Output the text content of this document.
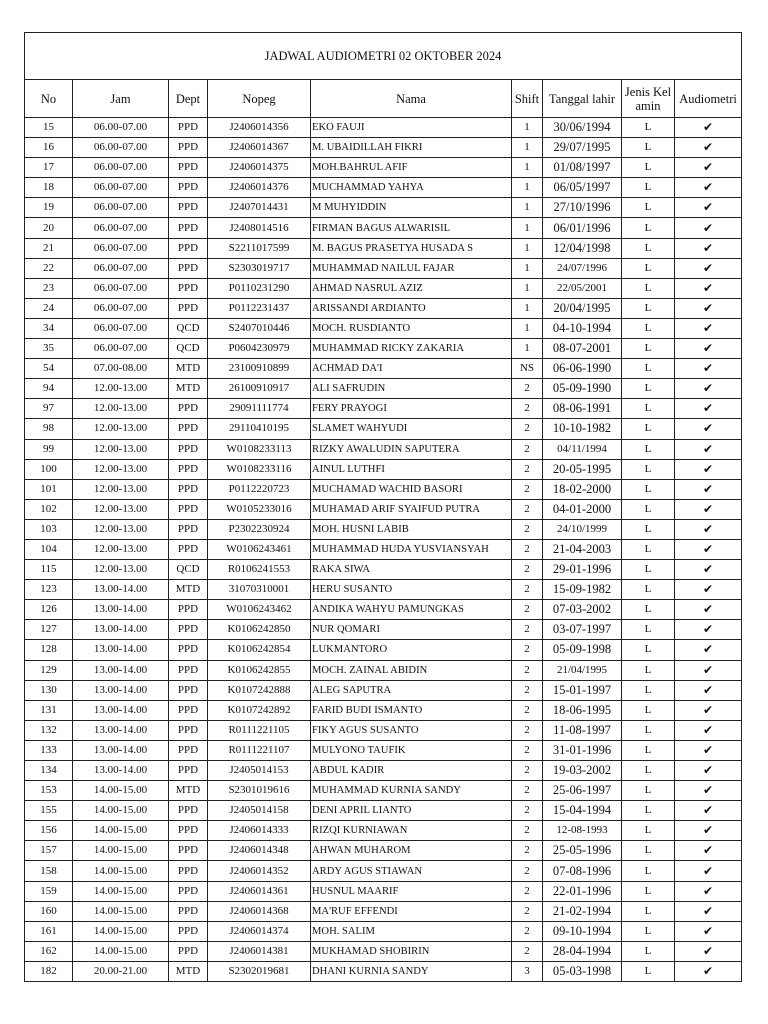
JADWAL AUDIOMETRI 02 OKTOBER 2024								
No	Jam	Dept	Nopeg	Nama	Shift	Tanggal lahir	Jenis Kelamin	Audiometri
15	06.00-07.00	PPD	J2406014356	EKO FAUJI	1	30/06/1994	L	✔
16	06.00-07.00	PPD	J2406014367	M. UBAIDILLAH FIKRI	1	29/07/1995	L	✔
17	06.00-07.00	PPD	J2406014375	MOH.BAHRUL AFIF	1	01/08/1997	L	✔
18	06.00-07.00	PPD	J2406014376	MUCHAMMAD YAHYA	1	06/05/1997	L	✔
19	06.00-07.00	PPD	J2407014431	M MUHYIDDIN	1	27/10/1996	L	✔
20	06.00-07.00	PPD	J2408014516	FIRMAN BAGUS ALWARISIL	1	06/01/1996	L	✔
21	06.00-07.00	PPD	S2211017599	M. BAGUS PRASETYA HUSADA S	1	12/04/1998	L	✔
22	06.00-07.00	PPD	S2303019717	MUHAMMAD NAILUL FAJAR	1	24/07/1996	L	✔
23	06.00-07.00	PPD	P0110231290	AHMAD NASRUL AZIZ	1	22/05/2001	L	✔
24	06.00-07.00	PPD	P0112231437	ARISSANDI ARDIANTO	1	20/04/1995	L	✔
34	06.00-07.00	QCD	S2407010446	MOCH. RUSDIANTO	1	04-10-1994	L	✔
35	06.00-07.00	QCD	P0604230979	MUHAMMAD RICKY ZAKARIA	1	08-07-2001	L	✔
54	07.00-08.00	MTD	23100910899	ACHMAD DA'I	NS	06-06-1990	L	✔
94	12.00-13.00	MTD	26100910917	ALI SAFRUDIN	2	05-09-1990	L	✔
97	12.00-13.00	PPD	29091111774	FERY PRAYOGI	2	08-06-1991	L	✔
98	12.00-13.00	PPD	29110410195	SLAMET WAHYUDI	2	10-10-1982	L	✔
99	12.00-13.00	PPD	W0108233113	RIZKY AWALUDIN SAPUTERA	2	04/11/1994	L	✔
100	12.00-13.00	PPD	W0108233116	AINUL LUTHFI	2	20-05-1995	L	✔
101	12.00-13.00	PPD	P0112220723	MUCHAMAD WACHID BASORI	2	18-02-2000	L	✔
102	12.00-13.00	PPD	W0105233016	MUHAMAD ARIF SYAIFUD PUTRA	2	04-01-2000	L	✔
103	12.00-13.00	PPD	P2302230924	MOH. HUSNI LABIB	2	24/10/1999	L	✔
104	12.00-13.00	PPD	W0106243461	MUHAMMAD HUDA YUSVIANSYAH	2	21-04-2003	L	✔
115	12.00-13.00	QCD	R0106241553	RAKA SIWA	2	29-01-1996	L	✔
123	13.00-14.00	MTD	31070310001	HERU SUSANTO	2	15-09-1982	L	✔
126	13.00-14.00	PPD	W0106243462	ANDIKA WAHYU PAMUNGKAS	2	07-03-2002	L	✔
127	13.00-14.00	PPD	K0106242850	NUR QOMARI	2	03-07-1997	L	✔
128	13.00-14.00	PPD	K0106242854	LUKMANTORO	2	05-09-1998	L	✔
129	13.00-14.00	PPD	K0106242855	MOCH. ZAINAL ABIDIN	2	21/04/1995	L	✔
130	13.00-14.00	PPD	K0107242888	ALEG SAPUTRA	2	15-01-1997	L	✔
131	13.00-14.00	PPD	K0107242892	FARID BUDI ISMANTO	2	18-06-1995	L	✔
132	13.00-14.00	PPD	R0111221105	FIKY AGUS SUSANTO	2	11-08-1997	L	✔
133	13.00-14.00	PPD	R0111221107	MULYONO TAUFIK	2	31-01-1996	L	✔
134	13.00-14.00	PPD	J2405014153	ABDUL KADIR	2	19-03-2002	L	✔
153	14.00-15.00	MTD	S2301019616	MUHAMMAD KURNIA SANDY	2	25-06-1997	L	✔
155	14.00-15.00	PPD	J2405014158	DENI APRIL LIANTO	2	15-04-1994	L	✔
156	14.00-15.00	PPD	J2406014333	RIZQI KURNIAWAN	2	12-08-1993	L	✔
157	14.00-15.00	PPD	J2406014348	AHWAN MUHAROM	2	25-05-1996	L	✔
158	14.00-15.00	PPD	J2406014352	ARDY AGUS STIAWAN	2	07-08-1996	L	✔
159	14.00-15.00	PPD	J2406014361	HUSNUL MAARIF	2	22-01-1996	L	✔
160	14.00-15.00	PPD	J2406014368	MA'RUF EFFENDI	2	21-02-1994	L	✔
161	14.00-15.00	PPD	J2406014374	MOH. SALIM	2	09-10-1994	L	✔
162	14.00-15.00	PPD	J2406014381	MUKHAMAD SHOBIRIN	2	28-04-1994	L	✔
182	20.00-21.00	MTD	S2302019681	DHANI KURNIA SANDY	3	05-03-1998	L	✔
